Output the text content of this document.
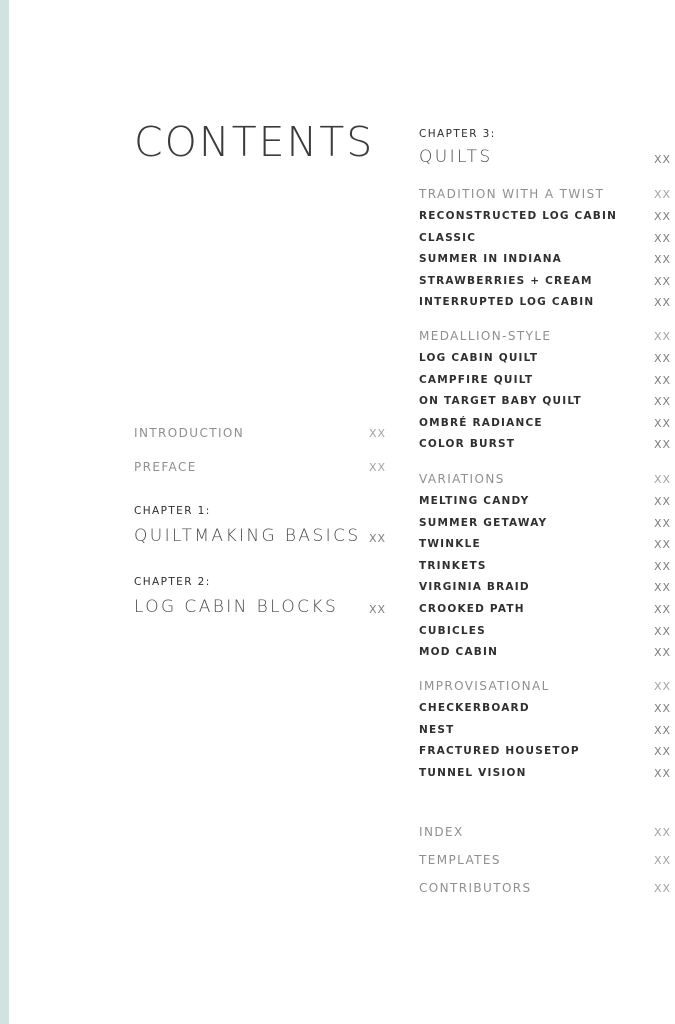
CONTENTS
INTRODUCTION	XX
PREFACE	XX
CHAPTER 1:
QUILTMAKING BASICS XX
CHAPTER 2:
LOG CABIN BLOCKS	XX
CHAPTER 3:
QUILTS	XX
TRADITION WITH A TWIST	XX
RECONSTRUCTED LOG CABIN	XX
CLASSIC	XX
SUMMER IN INDIANA	XX
STRAWBERRIES + CREAM	XX
INTERRUPTED LOG CABIN	XX
MEDALLION-STYLE	XX
LOG CABIN QUILT	XX
CAMPFIRE QUILT	XX
ON TARGET BABY QUILT	XX
OMBRÉ RADIANCE	XX
COLOR BURST	XX
VARIATIONS	XX
MELTING CANDY	XX
SUMMER GETAWAY	XX
TWINKLE	XX
TRINKETS	XX
VIRGINIA BRAID	XX
CROOKED PATH	XX
CUBICLES	XX
MOD CABIN	XX
IMPROVISATIONAL	XX
CHECKERBOARD	XX
NEST	XX
FRACTURED HOUSETOP	XX
TUNNEL VISION	XX
INDEX	XX
TEMPLATES	XX
CONTRIBUTORS	XX
